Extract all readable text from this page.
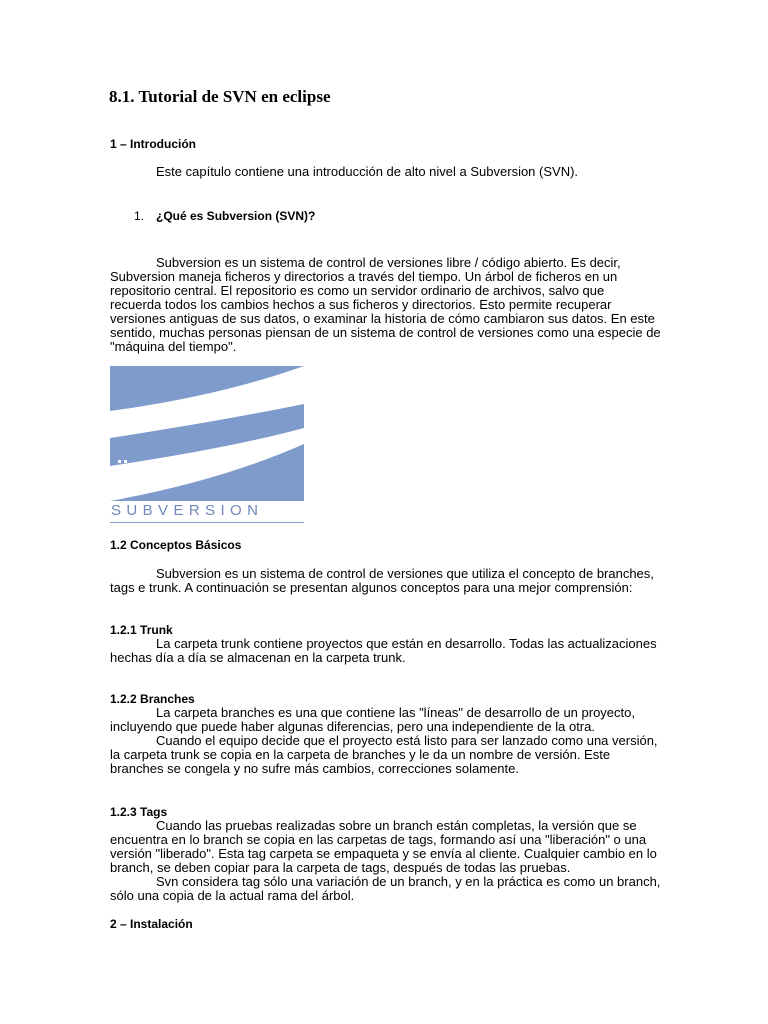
8.1. Tutorial de SVN en eclipse
1 – Introdución
Este capítulo contiene una introducción de alto nivel a Subversion (SVN).
1. ¿Qué es Subversion (SVN)?
Subversion es un sistema de control de versiones libre / código abierto. Es decir,
Subversion maneja ficheros y directorios a través del tiempo. Un árbol de ficheros en un
repositorio central. El repositorio es como un servidor ordinario de archivos, salvo que
recuerda todos los cambios hechos a sus ficheros y directorios. Esto permite recuperar
versiones antiguas de sus datos, o examinar la historia de cómo cambiaron sus datos. En este
sentido, muchas personas piensan de un sistema de control de versiones como una especie de
"máquina del tiempo".
SUBVERSION
1.2 Conceptos Básicos
Subversion es un sistema de control de versiones que utiliza el concepto de branches,
tags e trunk. A continuación se presentan algunos conceptos para una mejor comprensión:
1.2.1 Trunk
La carpeta trunk contiene proyectos que están en desarrollo. Todas las actualizaciones
hechas día a día se almacenan en la carpeta trunk.
1.2.2 Branches
La carpeta branches es una que contiene las "líneas" de desarrollo de un proyecto,
incluyendo que puede haber algunas diferencias, pero una independiente de la otra.
Cuando el equipo decide que el proyecto está listo para ser lanzado como una versión,
la carpeta trunk se copia en la carpeta de branches y le da un nombre de versión. Este
branches se congela y no sufre más cambios, correcciones solamente.
1.2.3 Tags
Cuando las pruebas realizadas sobre un branch están completas, la versión que se
encuentra en lo branch se copia en las carpetas de tags, formando así una "liberación" o una
versión "liberado". Esta tag carpeta se empaqueta y se envía al cliente. Cualquier cambio en lo
branch, se deben copiar para la carpeta de tags, después de todas las pruebas.
Svn considera tag sólo una variación de un branch, y en la práctica es como un branch,
sólo una copia de la actual rama del árbol.
2 – Instalación
